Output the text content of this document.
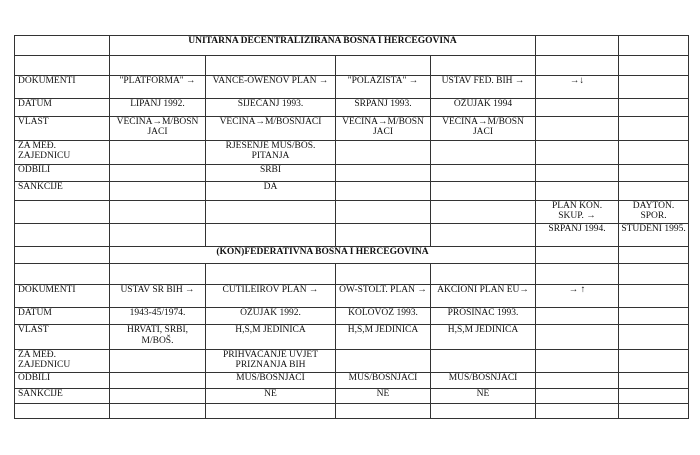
	UNITARNA DECENTRALIZIRANA BOSNA I HERCEGOVINA					

DOKUMENTI	"PLATFORMA" →	VANCE-OWENOV PLAN →	"POLAZIŠTA" →	USTAV FED. BIH →	→↓	
DATUM	LIPANJ 1992.	SIJEČANJ 1993.	SRPANJ 1993.	OŽUJAK 1994		
VLAST	VEĆINA→M/BOŠN JACI	VEĆINA→M/BOŠNJACI	VEĆINA→M/BOŠN JACI	VEĆINA→M/BOŠN JACI		
ZA MEĐ. ZAJEDNICU		RJEŠENJE MUS/BOŠ. PITANJA				
ODBILI		SRBI				
SANKCIJE		DA				
					PLAN KON. SKUP. →	DAYTON. SPOR.
					SRPANJ 1994.	STUDENI 1995.
	(KON)FEDERATIVNA BOSNA I HERCEGOVINA					

DOKUMENTI	USTAV SR BIH →	CUTILEIROV PLAN →	OW-STOLT. PLAN →	AKCIONI PLAN EU→	→ ↑	
DATUM	1943-45/1974.	OŽUJAK 1992.	KOLOVOZ 1993.	PROSINAC 1993.		
VLAST	HRVATI, SRBI, M/BOŠ.	H,S,M JEDINICA	H,S,M JEDINICA	H,S,M JEDINICA		
ZA MEĐ. ZAJEDNICU		PRIHVAĆANJE UVJET PRIZNANJA BIH				
ODBILI		MUS/BOŠNJACI	MUS/BOŠNJACI	MUS/BOŠNJACI		
SANKCIJE		NE	NE	NE		
